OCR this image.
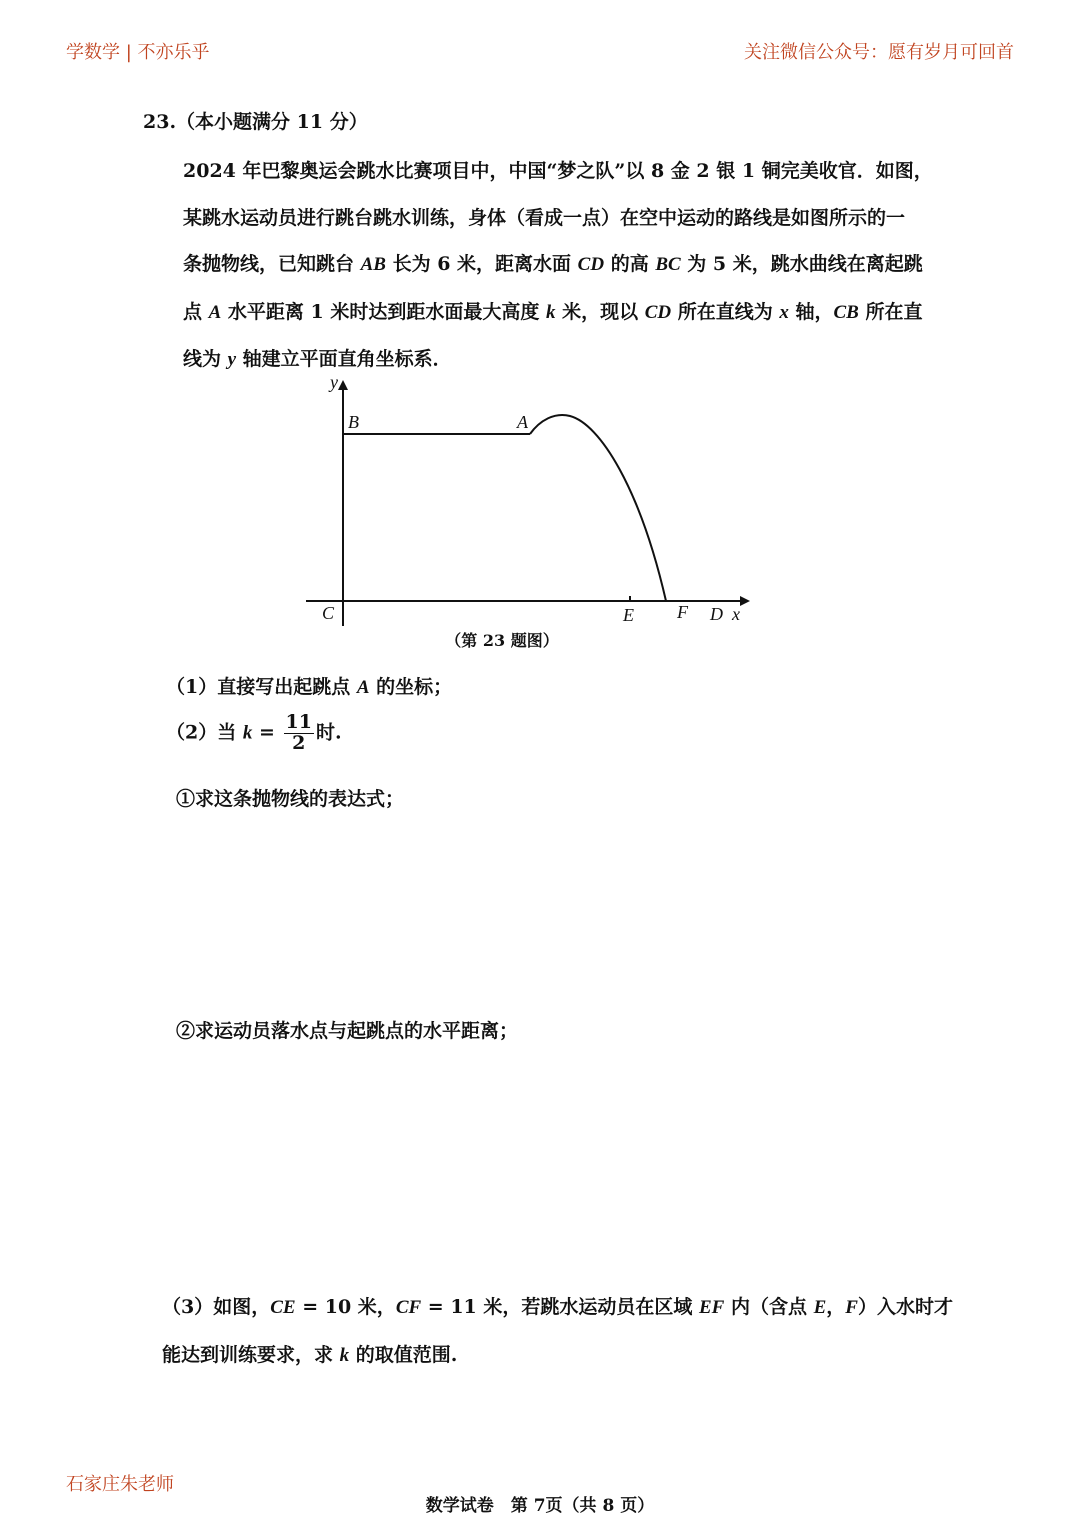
学数学 | 不亦乐乎	关注微信公众号：愿有岁月可回首
23.（本小题满分 11 分）

2024 年巴黎奥运会跳水比赛项目中，中国“梦之队”以 8 金 2 银 1 铜完美收官．如图，

某跳水运动员进行跳台跳水训练，身体（看成一点）在空中运动的路线是如图所示的一

条抛物线，已知跳台 AB 长为 6 米，距离水面 CD 的高 BC 为 5 米，跳水曲线在离起跳

点 A 水平距离 1 米时达到距水面最大高度 k 米，现以 CD 所在直线为 x 轴，CB 所在直

线为 y 轴建立平面直角坐标系．

y
B	A
C	E F D x
（第 23 题图）
（1）直接写出起跳点 A 的坐标；
（2）当 $k = \frac{11}{2}$ 时.
①求这条抛物线的表达式；
②求运动员落水点与起跳点的水平距离；
（3）如图，CE = 10 米，CF = 11 米，若跳水运动员在区域 EF 内（含点 E，F）入水时才
能达到训练要求，求 k 的取值范围.
石家庄朱老师
数学试卷　第 7页（共 8 页）
